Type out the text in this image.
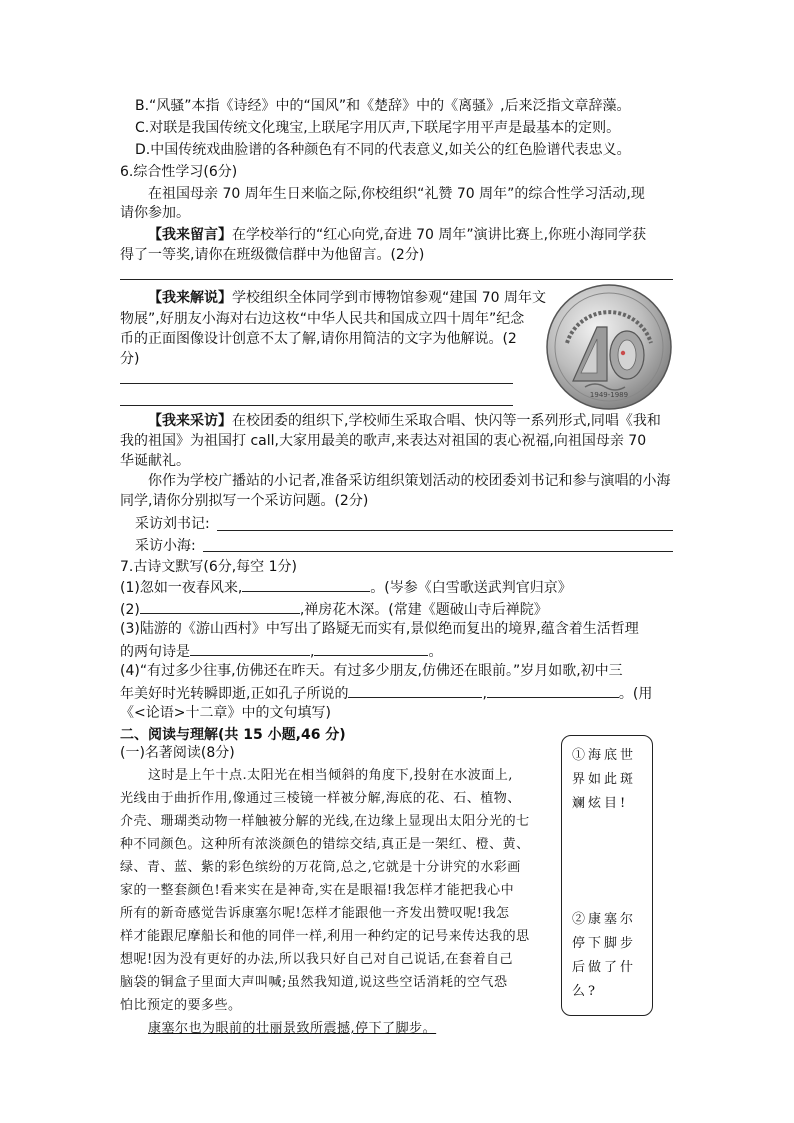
B.“风骚”本指《诗经》中的“国风”和《楚辞》中的《离骚》,后来泛指文章辞藻。
C.对联是我国传统文化瑰宝,上联尾字用仄声,下联尾字用平声是最基本的定则。
D.中国传统戏曲脸谱的各种颜色有不同的代表意义,如关公的红色脸谱代表忠义。
6.综合性学习(6分)
在祖国母亲 70 周年生日来临之际,你校组织“礼赞 70 周年”的综合性学习活动,现
请你参加。
【我来留言】在学校举行的“红心向党,奋进 70 周年”演讲比赛上,你班小海同学获
得了一等奖,请你在班级微信群中为他留言。(2分)
【我来解说】学校组织全体同学到市博物馆参观“建国 70 周年文
物展”,好朋友小海对右边这枚“中华人民共和国成立四十周年”纪念
币的正面图像设计创意不太了解,请你用简洁的文字为他解说。(2
分)
1949-1989
【我来采访】在校团委的组织下,学校师生采取合唱、快闪等一系列形式,同唱《我和
我的祖国》为祖国打 call,大家用最美的歌声,来表达对祖国的衷心祝福,向祖国母亲 70
华诞献礼。
你作为学校广播站的小记者,准备采访组织策划活动的校团委刘书记和参与演唱的小海
同学,请你分别拟写一个采访问题。(2分)
采访刘书记:
采访小海:
7.古诗文默写(6分,每空 1分)
(1)忽如一夜春风来,	。(岑参《白雪歌送武判官归京》
(2)	,禅房花木深。(常建《题破山寺后禅院》
(3)陆游的《游山西村》中写出了路疑无而实有,景似绝而复出的境界,蕴含着生活哲理
的两句诗是	,	。
(4)“有过多少往事,仿佛还在昨天。有过多少朋友,仿佛还在眼前。”岁月如歌,初中三
年美好时光转瞬即逝,正如孔子所说的	,	。(用
《<论语>十二章》中的文句填写)
二、阅读与理解(共 15 小题,46 分)
(一)名著阅读(8分)
这时是上午十点.太阳光在相当倾斜的角度下,投射在水波面上,
光线由于曲折作用,像通过三棱镜一样被分解,海底的花、石、植物、
介壳、珊瑚类动物一样触被分解的光线,在边缘上显现出太阳分光的七
种不同颜色。这种所有浓淡颜色的错综交结,真正是一架红、橙、黄、
绿、青、蓝、紫的彩色缤纷的万花筒,总之,它就是十分讲究的水彩画
家的一整套颜色!看来实在是神奇,实在是眼福!我怎样才能把我心中
所有的新奇感觉告诉康塞尔呢!怎样才能跟他一齐发出赞叹呢!我怎
样才能跟尼摩船长和他的同伴一样,利用一种约定的记号来传达我的思
想呢!因为没有更好的办法,所以我只好自己对自己说话,在套着自己
脑袋的铜盒子里面大声叫喊;虽然我知道,说这些空话消耗的空气恐
怕比预定的要多些。
康塞尔也为眼前的壮丽景致所震撼,停下了脚步。
①海底世界如此斑斓炫目!
②康塞尔停下脚步后做了什么?
